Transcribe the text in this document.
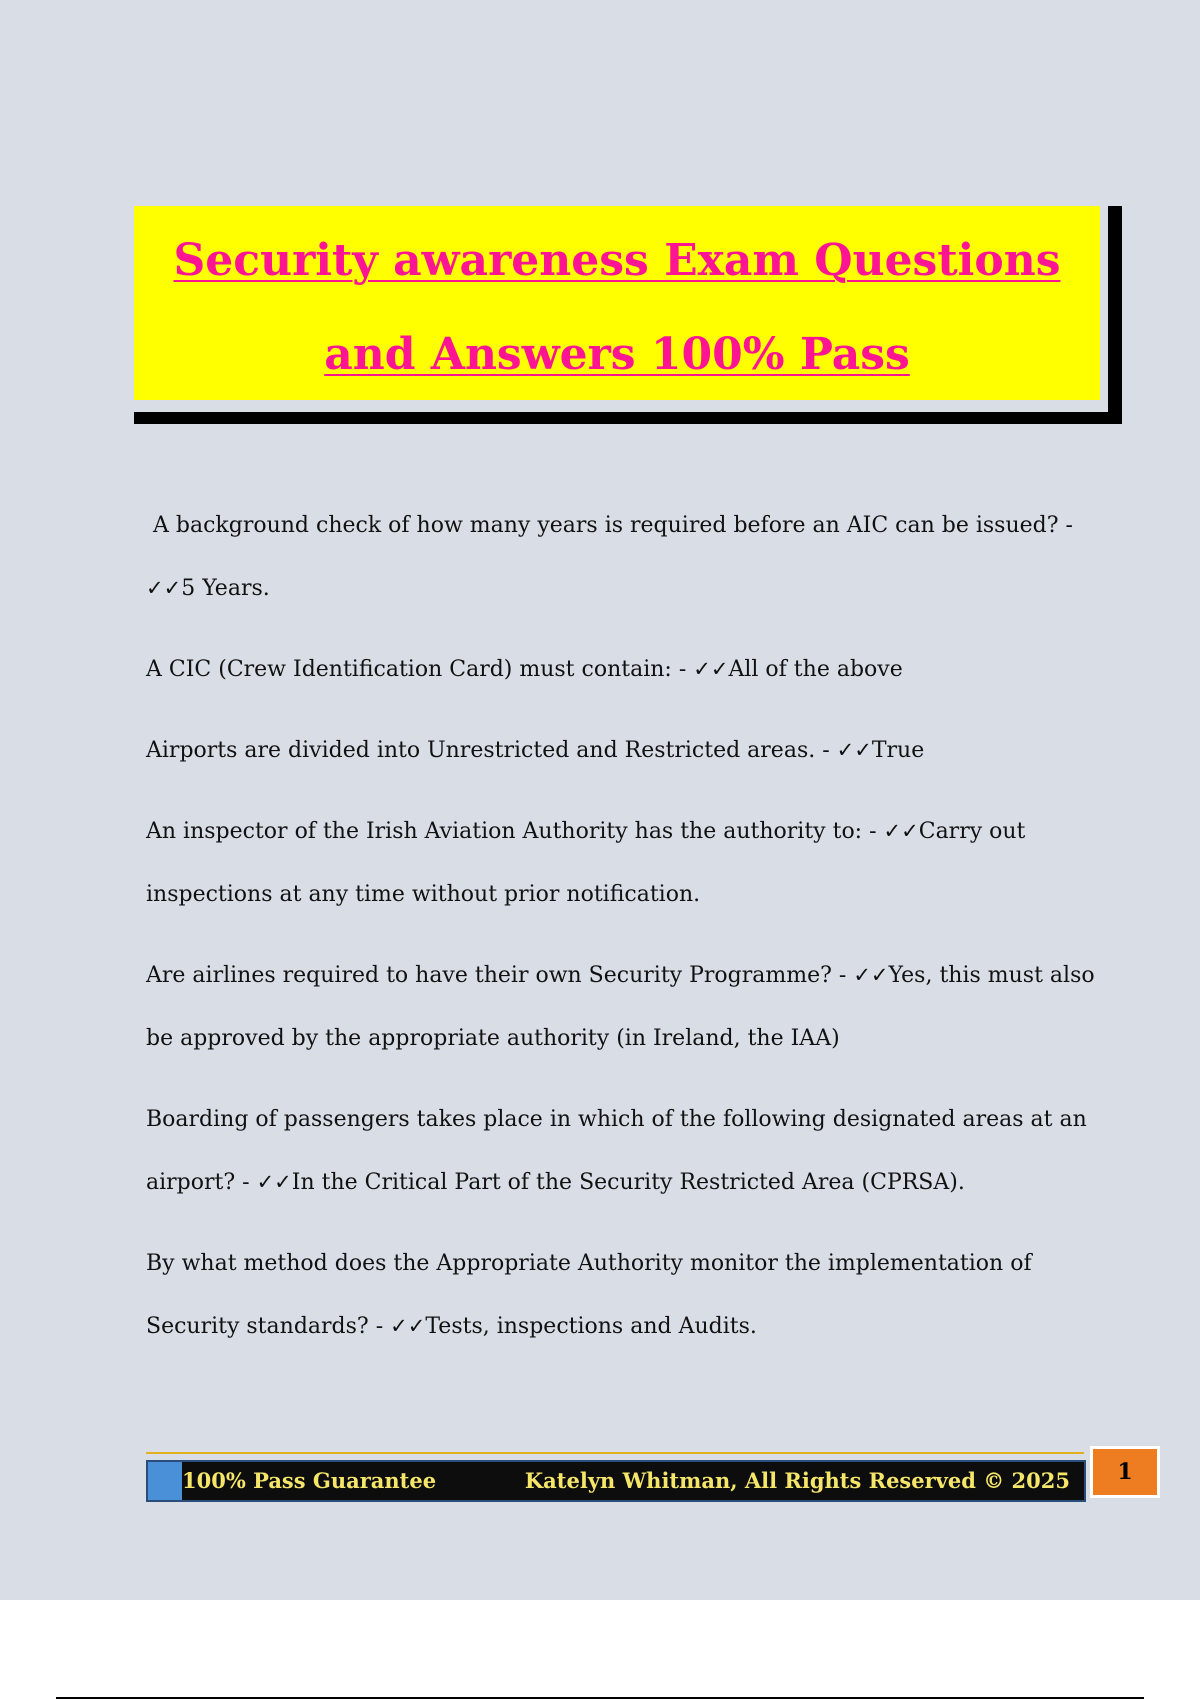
Security awareness Exam Questions
and Answers 100% Pass

A background check of how many years is required before an AIC can be issued? - ✓✓5 Years.

A CIC (Crew Identification Card) must contain: - ✓✓All of the above

Airports are divided into Unrestricted and Restricted areas. - ✓✓True

An inspector of the Irish Aviation Authority has the authority to: - ✓✓Carry out inspections at any time without prior notification.

Are airlines required to have their own Security Programme? - ✓✓Yes, this must also be approved by the appropriate authority (in Ireland, the IAA)

Boarding of passengers takes place in which of the following designated areas at an airport? - ✓✓In the Critical Part of the Security Restricted Area (CPRSA).

By what method does the Appropriate Authority monitor the implementation of Security standards? - ✓✓Tests, inspections and Audits.

100% Pass Guarantee	Katelyn Whitman, All Rights Reserved © 2025	1
